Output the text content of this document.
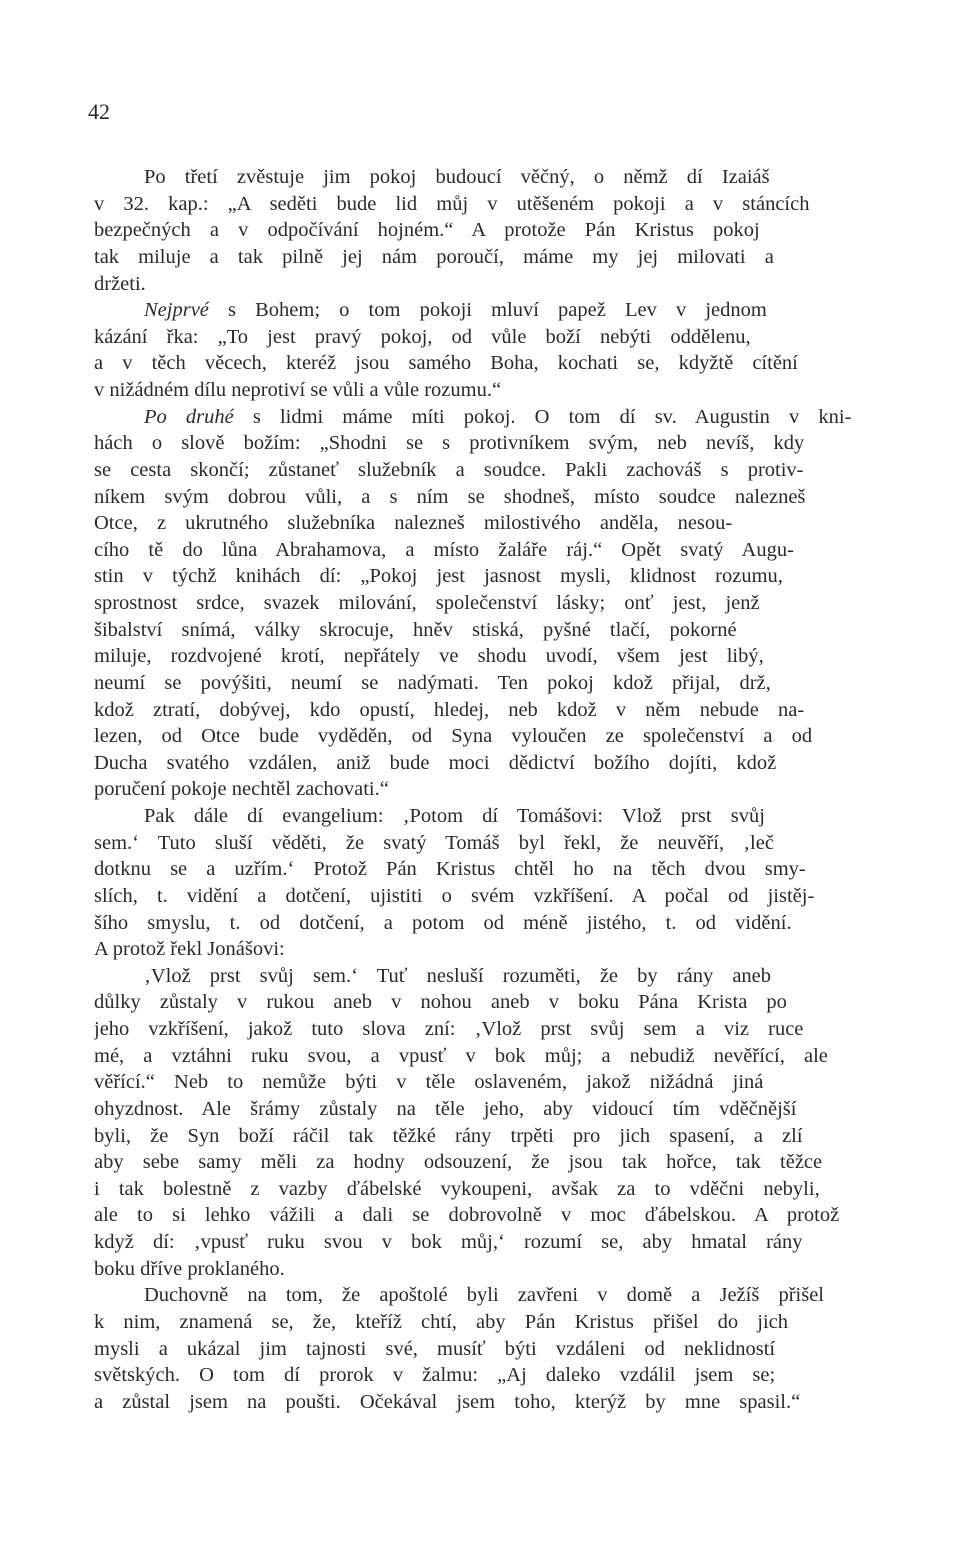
42
Po třetí zvěstuje jim pokoj budoucí věčný, o němž dí Izaiáš
v 32. kap.: „A seděti bude lid můj v utěšeném pokoji a v stáncích
bezpečných a v odpočívání hojném.“ A protože Pán Kristus pokoj
tak miluje a tak pilně jej nám poroučí, máme my jej milovati a
držeti.
Nejprvé s Bohem; o tom pokoji mluví papež Lev v jednom
kázání řka: „To jest pravý pokoj, od vůle boží nebýti oddělenu,
a v těch věcech, kteréž jsou samého Boha, kochati se, kdyžtě cítění
v nižádném dílu neprotiví se vůli a vůle rozumu.“
Po druhé s lidmi máme míti pokoj. O tom dí sv. Augustin v kni-
hách o slově božím: „Shodni se s protivníkem svým, neb nevíš, kdy
se cesta skončí; zůstaneť služebník a soudce. Pakli zachováš s protiv-
níkem svým dobrou vůli, a s ním se shodneš, místo soudce nalezneš
Otce, z ukrutného služebníka nalezneš milostivého anděla, nesou-
cího tě do lůna Abrahamova, a místo žaláře ráj.“ Opět svatý Augu-
stin v týchž knihách dí: „Pokoj jest jasnost mysli, klidnost rozumu,
sprostnost srdce, svazek milování, společenství lásky; onť jest, jenž
šibalství snímá, války skrocuje, hněv stiská, pyšné tlačí, pokorné
miluje, rozdvojené krotí, nepřátely ve shodu uvodí, všem jest libý,
neumí se povýšiti, neumí se nadýmati. Ten pokoj kdož přijal, drž,
kdož ztratí, dobývej, kdo opustí, hledej, neb kdož v něm nebude na-
lezen, od Otce bude vyděděn, od Syna vyloučen ze společenství a od
Ducha svatého vzdálen, aniž bude moci dědictví božího dojíti, kdož
poručení pokoje nechtěl zachovati.“
Pak dále dí evangelium: ‚Potom dí Tomášovi: Vlož prst svůj
sem.‘ Tuto sluší věděti, že svatý Tomáš byl řekl, že neuvěří, ‚leč
dotknu se a uzřím.‘ Protož Pán Kristus chtěl ho na těch dvou smy-
slích, t. vidění a dotčení, ujistiti o svém vzkříšení. A počal od jistěj-
šího smyslu, t. od dotčení, a potom od méně jistého, t. od vidění.
A protož řekl Jonášovi:
‚Vlož prst svůj sem.‘ Tuť nesluší rozuměti, že by rány aneb
důlky zůstaly v rukou aneb v nohou aneb v boku Pána Krista po
jeho vzkříšení, jakož tuto slova zní: ‚Vlož prst svůj sem a viz ruce
mé, a vztáhni ruku svou, a vpusť v bok můj; a nebudiž nevěřící, ale
věřící.“ Neb to nemůže býti v těle oslaveném, jakož nižádná jiná
ohyzdnost. Ale šrámy zůstaly na těle jeho, aby vidoucí tím vděčnější
byli, že Syn boží ráčil tak těžké rány trpěti pro jich spasení, a zlí
aby sebe samy měli za hodny odsouzení, že jsou tak hořce, tak těžce
i tak bolestně z vazby ďábelské vykoupeni, avšak za to vděčni nebyli,
ale to si lehko vážili a dali se dobrovolně v moc ďábelskou. A protož
když dí: ‚vpusť ruku svou v bok můj,‘ rozumí se, aby hmatal rány
boku dříve proklaného.
Duchovně na tom, že apoštolé byli zavřeni v domě a Ježíš přišel
k nim, znamená se, že, kteříž chtí, aby Pán Kristus přišel do jich
mysli a ukázal jim tajnosti své, musíť býti vzdáleni od neklidností
světských. O tom dí prorok v žalmu: „Aj daleko vzdálil jsem se;
a zůstal jsem na poušti. Očekával jsem toho, kterýž by mne spasil.“
